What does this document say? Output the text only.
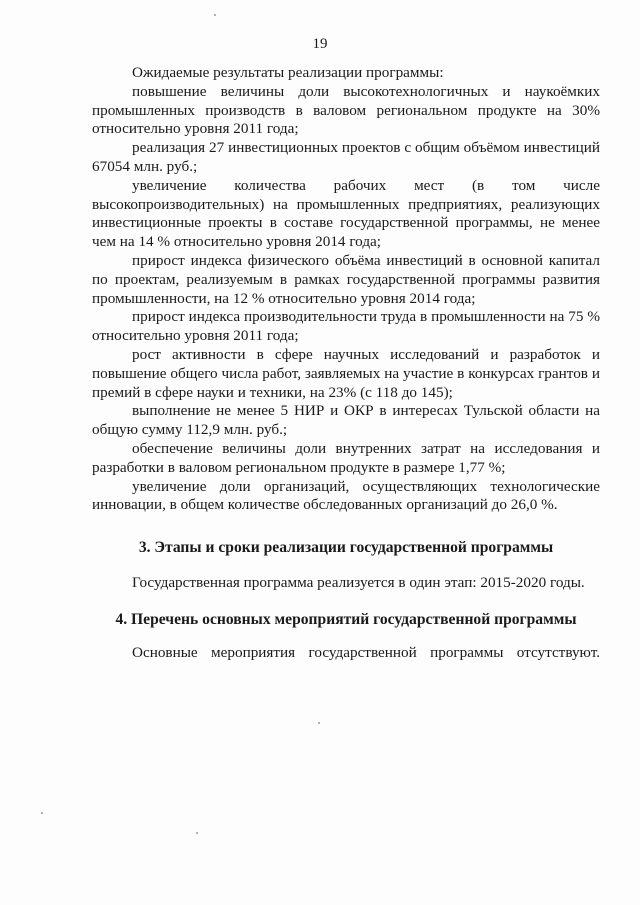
19

Ожидаемые результаты реализации программы:

повышение величины доли высокотехнологичных и наукоёмких промышленных производств в валовом региональном продукте на 30% относительно уровня 2011 года;

реализация 27 инвестиционных проектов с общим объёмом инвестиций 67054 млн. руб.;

увеличение количества рабочих мест (в том числе высокопроизводительных) на промышленных предприятиях, реализующих инвестиционные проекты в составе государственной программы, не менее чем на 14 % относительно уровня 2014 года;

прирост индекса физического объёма инвестиций в основной капитал по проектам, реализуемым в рамках государственной программы развития промышленности, на 12 % относительно уровня 2014 года;

прирост индекса производительности труда в промышленности на 75 % относительно уровня 2011 года;

рост активности в сфере научных исследований и разработок и повышение общего числа работ, заявляемых на участие в конкурсах грантов и премий в сфере науки и техники, на 23% (с 118 до 145);

выполнение не менее 5 НИР и ОКР в интересах Тульской области на общую сумму 112,9 млн. руб.;

обеспечение величины доли внутренних затрат на исследования и разработки в валовом региональном продукте в размере 1,77 %;

увеличение доли организаций, осуществляющих технологические инновации, в общем количестве обследованных организаций до 26,0 %.

3. Этапы и сроки реализации государственной программы

Государственная программа реализуется в один этап: 2015-2020 годы.

4. Перечень основных мероприятий государственной программы

Основные мероприятия государственной программы отсутствуют.
